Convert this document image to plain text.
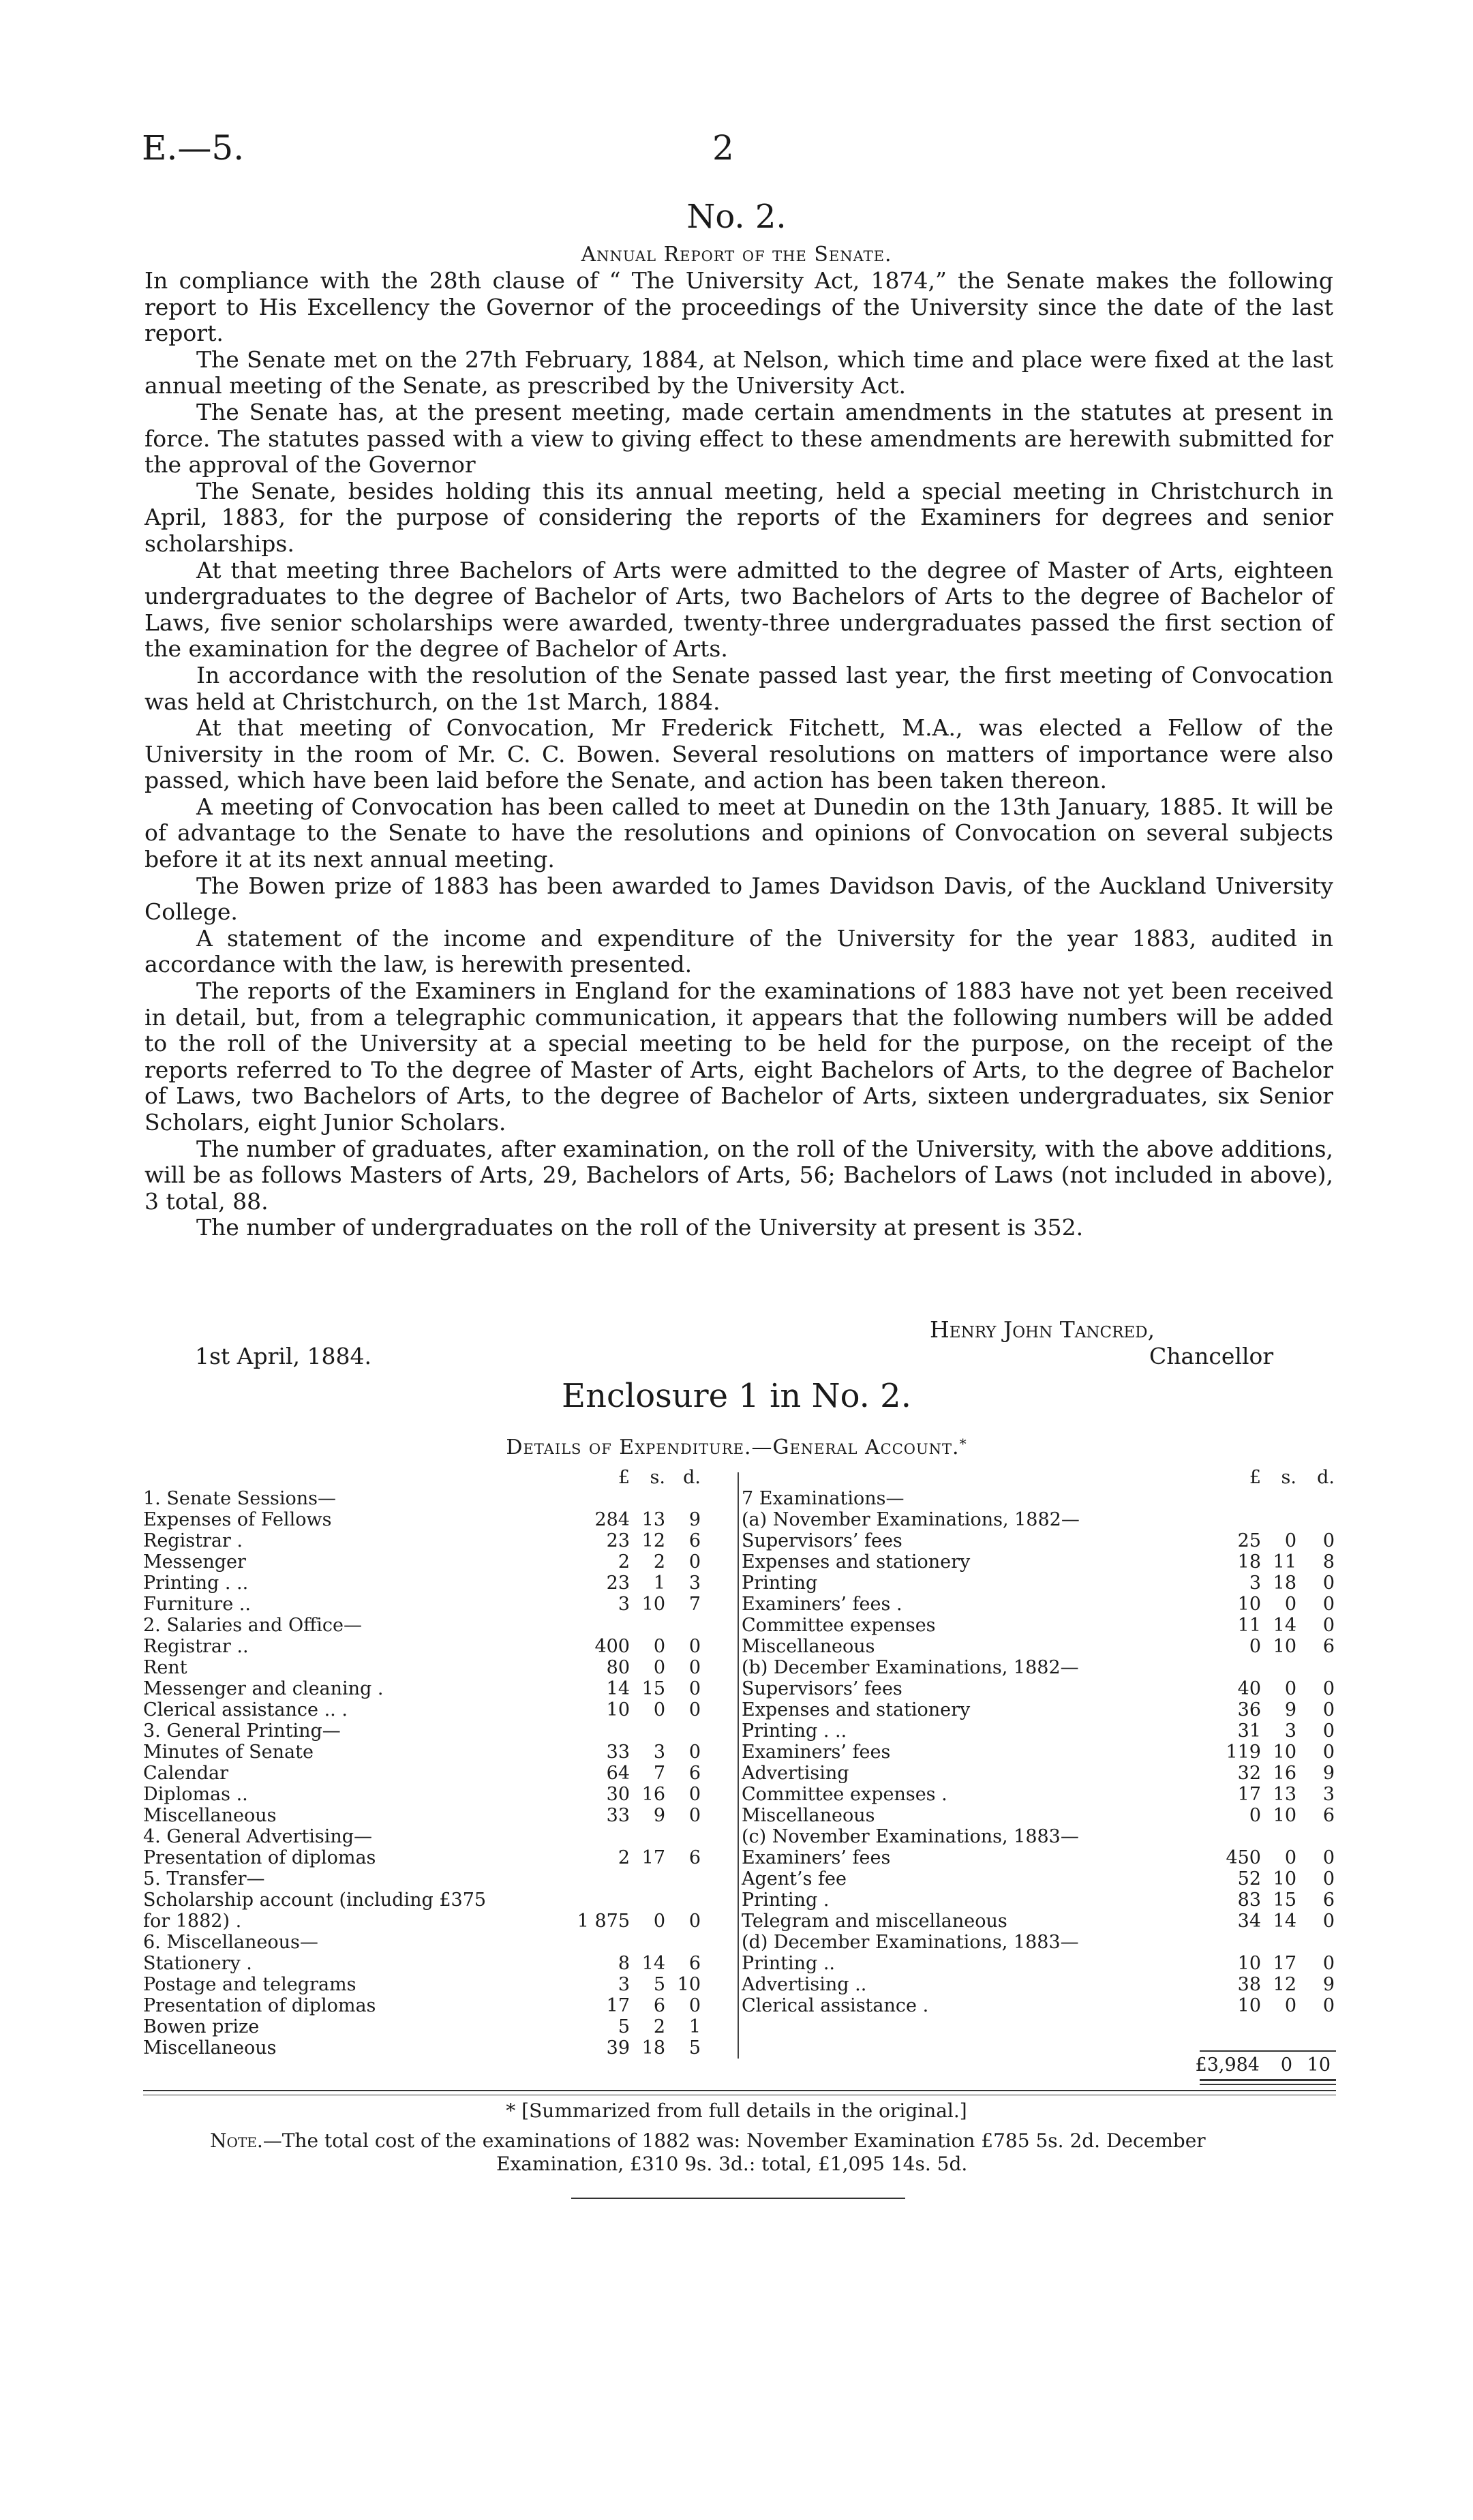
E.—5.	2
No. 2.
Annual Report of the Senate.

In compliance with the 28th clause of “ The University Act, 1874,” the Senate makes the following report to His Excellency the Governor of the proceedings of the University since the date of the last report.

The Senate met on the 27th February, 1884, at Nelson, which time and place were fixed at the last annual meeting of the Senate, as prescribed by the University Act.

The Senate has, at the present meeting, made certain amendments in the statutes at present in force. The statutes passed with a view to giving effect to these amendments are herewith submitted for the approval of the Governor

The Senate, besides holding this its annual meeting, held a special meeting in Christchurch in April, 1883, for the purpose of considering the reports of the Examiners for degrees and senior scholarships.

At that meeting three Bachelors of Arts were admitted to the degree of Master of Arts, eighteen undergraduates to the degree of Bachelor of Arts, two Bachelors of Arts to the degree of Bachelor of Laws, five senior scholarships were awarded, twenty-three undergraduates passed the first section of the examination for the degree of Bachelor of Arts.

In accordance with the resolution of the Senate passed last year, the first meeting of Convocation was held at Christchurch, on the 1st March, 1884.

At that meeting of Convocation, Mr Frederick Fitchett, M.A., was elected a Fellow of the University in the room of Mr. C. C. Bowen. Several resolutions on matters of importance were also passed, which have been laid before the Senate, and action has been taken thereon.

A meeting of Convocation has been called to meet at Dunedin on the 13th January, 1885. It will be of advantage to the Senate to have the resolutions and opinions of Convocation on several subjects before it at its next annual meeting.

The Bowen prize of 1883 has been awarded to James Davidson Davis, of the Auckland University College.

A statement of the income and expenditure of the University for the year 1883, audited in accordance with the law, is herewith presented.

The reports of the Examiners in England for the examinations of 1883 have not yet been received in detail, but, from a telegraphic communication, it appears that the following numbers will be added to the roll of the University at a special meeting to be held for the purpose, on the receipt of the reports referred to To the degree of Master of Arts, eight Bachelors of Arts, to the degree of Bachelor of Laws, two Bachelors of Arts, to the degree of Bachelor of Arts, sixteen undergraduates, six Senior Scholars, eight Junior Scholars.

The number of graduates, after examination, on the roll of the University, with the above additions, will be as follows Masters of Arts, 29, Bachelors of Arts, 56; Bachelors of Laws (not included in above), 3 total, 88.

The number of undergraduates on the roll of the University at present is 352.

Henry John Tancred,
1st April, 1884.	Chancellor
Enclosure 1 in No. 2.
Details of Expenditure.—General Account.*
	£	s.	d.	
1. Senate Sessions—				
Expenses of Fellows	284	13	9	
Registrar .	23	12	6	
Messenger	2	2	0	
Printing . ..	23	1	3	
Furniture ..	3	10	7	
2. Salaries and Office—				
Registrar ..	400	0	0	
Rent	80	0	0	
Messenger and cleaning .	14	15	0	
Clerical assistance .. .	10	0	0	
3. General Printing—				
Minutes of Senate	33	3	0	
Calendar	64	7	6	
Diplomas ..	30	16	0	
Miscellaneous	33	9	0	
4. General Advertising—				
Presentation of diplomas	2	17	6	
5. Transfer—				
Scholarship account (including £375				
for 1882) .	1 875	0	0	
6. Miscellaneous—				
Stationery .	8	14	6	
Postage and telegrams	3	5	10	
Presentation of diplomas	17	6	0	
Bowen prize	5	2	1	
Miscellaneous	39	18	5	
	£	s.	d.
7 Examinations—			
(a) November Examinations, 1882—			
Supervisors’ fees	25	0	0
Expenses and stationery	18	11	8
Printing	3	18	0
Examiners’ fees .	10	0	0
Committee expenses	11	14	0
Miscellaneous	0	10	6
(b) December Examinations, 1882—			
Supervisors’ fees	40	0	0
Expenses and stationery	36	9	0
Printing . ..	31	3	0
Examiners’ fees	119	10	0
Advertising	32	16	9
Committee expenses .	17	13	3
Miscellaneous	0	10	6
(c) November Examinations, 1883—			
Examiners’ fees	450	0	0
Agent’s fee	52	10	0
Printing .	83	15	6
Telegram and miscellaneous	34	14	0
(d) December Examinations, 1883—			
Printing ..	10	17	0
Advertising ..	38	12	9
Clerical assistance .	10	0	0
£3,984 0 10
* [Summarized from full details in the original.]
Note.—The total cost of the examinations of 1882 was: November Examination £785 5s. 2d. December
Examination, £310 9s. 3d.: total, £1,095 14s. 5d.
